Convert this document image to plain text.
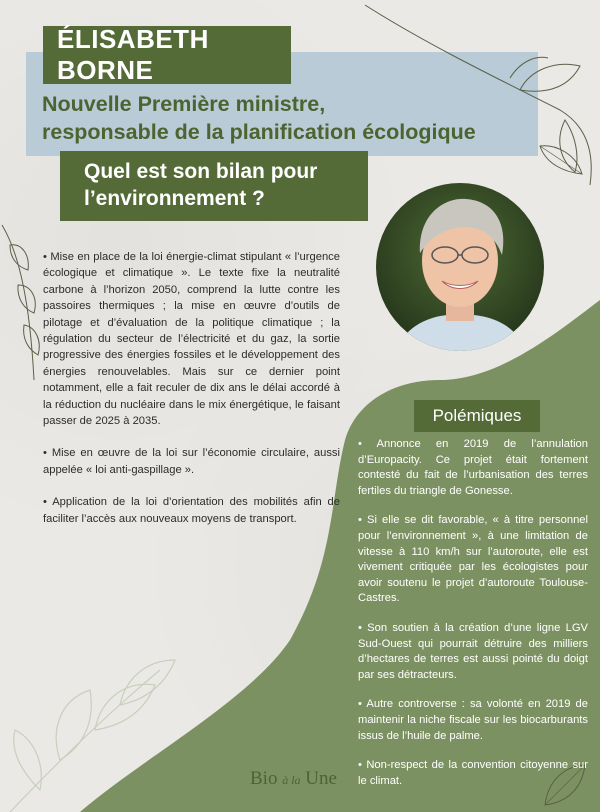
ÉLISABETH BORNE
Nouvelle Première ministre,
responsable de la planification écologique
Quel est son bilan pour
l’environnement ?

• Mise en place de la loi énergie-climat stipulant « l’urgence écologique et climatique ». Le texte fixe la neutralité carbone à l’horizon 2050, comprend la lutte contre les passoires thermiques ; la mise en œuvre d’outils de pilotage et d’évaluation de la politique climatique ; la régulation du secteur de l’électricité et du gaz, la sortie progressive des énergies fossiles et le développement des énergies renouvelables. Mais sur ce dernier point notamment, elle a fait reculer de dix ans le délai accordé à la réduction du nucléaire dans le mix énergétique, le faisant passer de 2025 à 2035.

• Mise en œuvre de la loi sur l’économie circulaire, aussi appelée « loi anti-gaspillage ».

• Application de la loi d’orientation des mobilités afin de faciliter l’accès aux nouveaux moyens de transport.

Polémiques

• Annonce en 2019 de l’annulation d’Europacity. Ce projet était fortement contesté du fait de l’urbanisation des terres fertiles du triangle de Gonesse.

• Si elle se dit favorable, « à titre personnel pour l’environnement », à une limitation de vitesse à 110 km/h sur l’autoroute, elle est vivement critiquée par les écologistes pour avoir soutenu le projet d’autoroute Toulouse-Castres.

• Son soutien à la création d’une ligne LGV Sud-Ouest qui pourrait détruire des milliers d’hectares de terres est aussi pointé du doigt par ses détracteurs.

• Autre controverse : sa volonté en 2019 de maintenir la niche fiscale sur les biocarburants issus de l’huile de palme.

• Non-respect de la convention citoyenne sur le climat.

Bio à la Une
